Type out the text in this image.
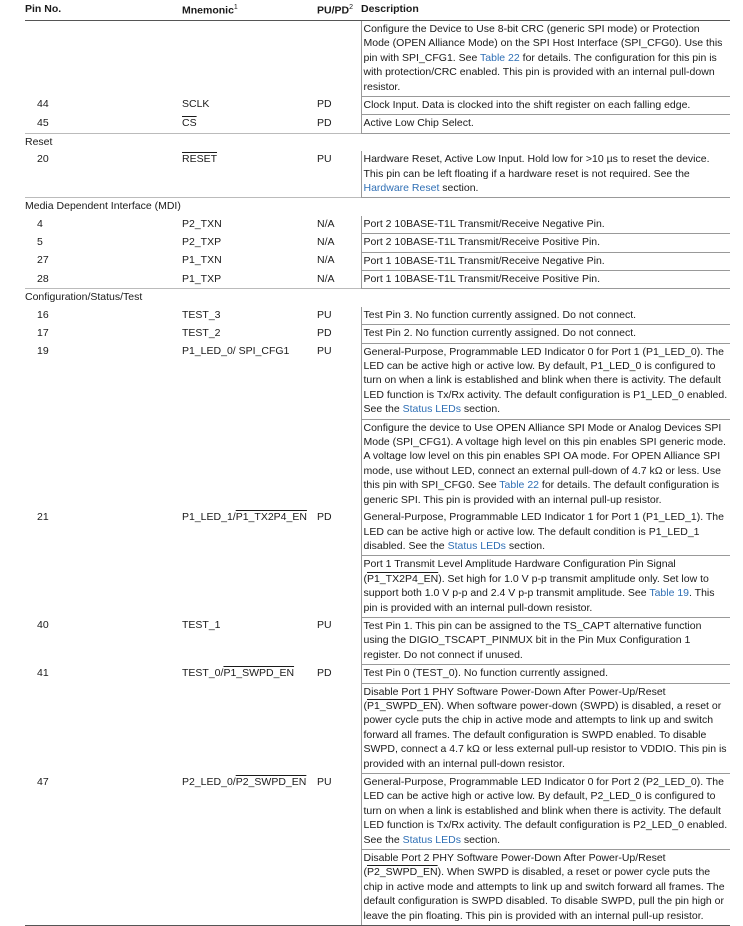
Pin No.	Mnemonic$^1$	$PU/PD^2$	Description
			Configure the Device to Use 8-bit CRC (generic SPI mode) or Protection Mode (OPEN Alliance Mode) on the SPI Host Interface (SPI_CFG0). Use this pin with SPI_CFG1. See Table 22 for details. The configuration for this pin is with protection/CRC enabled. This pin is provided with an internal pull-down resistor.
44	SCLK	PD	Clock Input. Data is clocked into the shift register on each falling edge.
45	$\overline{CS}$	PD	Active Low Chip Select.
Reset			
20	RESET	PU	Hardware Reset, Active Low Input. Hold low for >10 µs to reset the device. This pin can be left floating if a hardware reset is not required. See the Hardware Reset section.
Media Dependent Interface (MDI)			
4	P2_TXN	N/A	Port 2 10BASE-T1L Transmit/Receive Negative Pin.
5	P2_TXP	N/A	Port 2 10BASE-T1L Transmit/Receive Positive Pin.
27	P1_TXN	N/A	Port 1 10BASE-T1L Transmit/Receive Negative Pin.
28	P1_TXP	N/A	Port 1 10BASE-T1L Transmit/Receive Positive Pin.
Configuration/Status/Test			
16	TEST_3	PU	Test Pin 3. No function currently assigned. Do not connect.
17	TEST_2	PD	Test Pin 2. No function currently assigned. Do not connect.
19	P1_LED_0/ SPI_CFG1	PU	General-Purpose, Programmable LED Indicator 0 for Port 1 (P1_LED_0). The LED can be active high or active low. By default, P1_LED_0 is configured to turn on when a link is established and blink when there is activity. The default LED function is Tx/Rx activity. The default configuration is P1_LED_0 enabled. See the Status LEDs section.
			Configure the device to Use OPEN Alliance SPI Mode or Analog Devices SPI Mode (SPI_CFG1). A voltage high level on this pin enables SPI generic mode. A voltage low level on this pin enables SPI OA mode. For OPEN Alliance SPI mode, use without LED, connect an external pull-down of 4.7 kΩ or less. Use this pin with SPI_CFG0. See Table 22 for details. The default configuration is generic SPI. This pin is provided with an internal pull-up resistor.
21	P1_LED_1/P1_TX2P4_EN	PD	General-Purpose, Programmable LED Indicator 1 for Port 1 (P1_LED_1). The LED can be active high or active low. The default condition is P1_LED_1 disabled. See the Status LEDs section.
			Port 1 Transmit Level Amplitude Hardware Configuration Pin Signal (P1_TX2P4_EN). Set high for 1.0 V p-p transmit amplitude only. Set low to support both 1.0 V p-p and 2.4 V p-p transmit amplitude. See Table 19. This pin is provided with an internal pull-down resistor.
40	TEST_1	PU	Test Pin 1. This pin can be assigned to the TS_CAPT alternative function using the DIGIO_TSCAPT_PINMUX bit in the Pin Mux Configuration 1 register. Do not connect if unused.
41	TEST_0/P1_SWPD_EN	PD	Test Pin 0 (TEST_0). No function currently assigned.
			Disable Port 1 PHY Software Power-Down After Power-Up/Reset (P1_SWPD_EN). When software power-down (SWPD) is disabled, a reset or power cycle puts the chip in active mode and attempts to link up and switch forward all frames. The default configuration is SWPD enabled. To disable SWPD, connect a 4.7 kΩ or less external pull-up resistor to VDDIO. This pin is provided with an internal pull-down resistor.
47	P2_LED_0/P2_SWPD_EN	PU	General-Purpose, Programmable LED Indicator 0 for Port 2 (P2_LED_0). The LED can be active high or active low. By default, P2_LED_0 is configured to turn on when a link is established and blink when there is activity. The default LED function is Tx/Rx activity. The default configuration is P2_LED_0 enabled. See the Status LEDs section.
			Disable Port 2 PHY Software Power-Down After Power-Up/Reset (P2_SWPD_EN). When SWPD is disabled, a reset or power cycle puts the chip in active mode and attempts to link up and switch forward all frames. The default configuration is SWPD disabled. To disable SWPD, pull the pin high or leave the pin floating. This pin is provided with an internal pull-up resistor.
